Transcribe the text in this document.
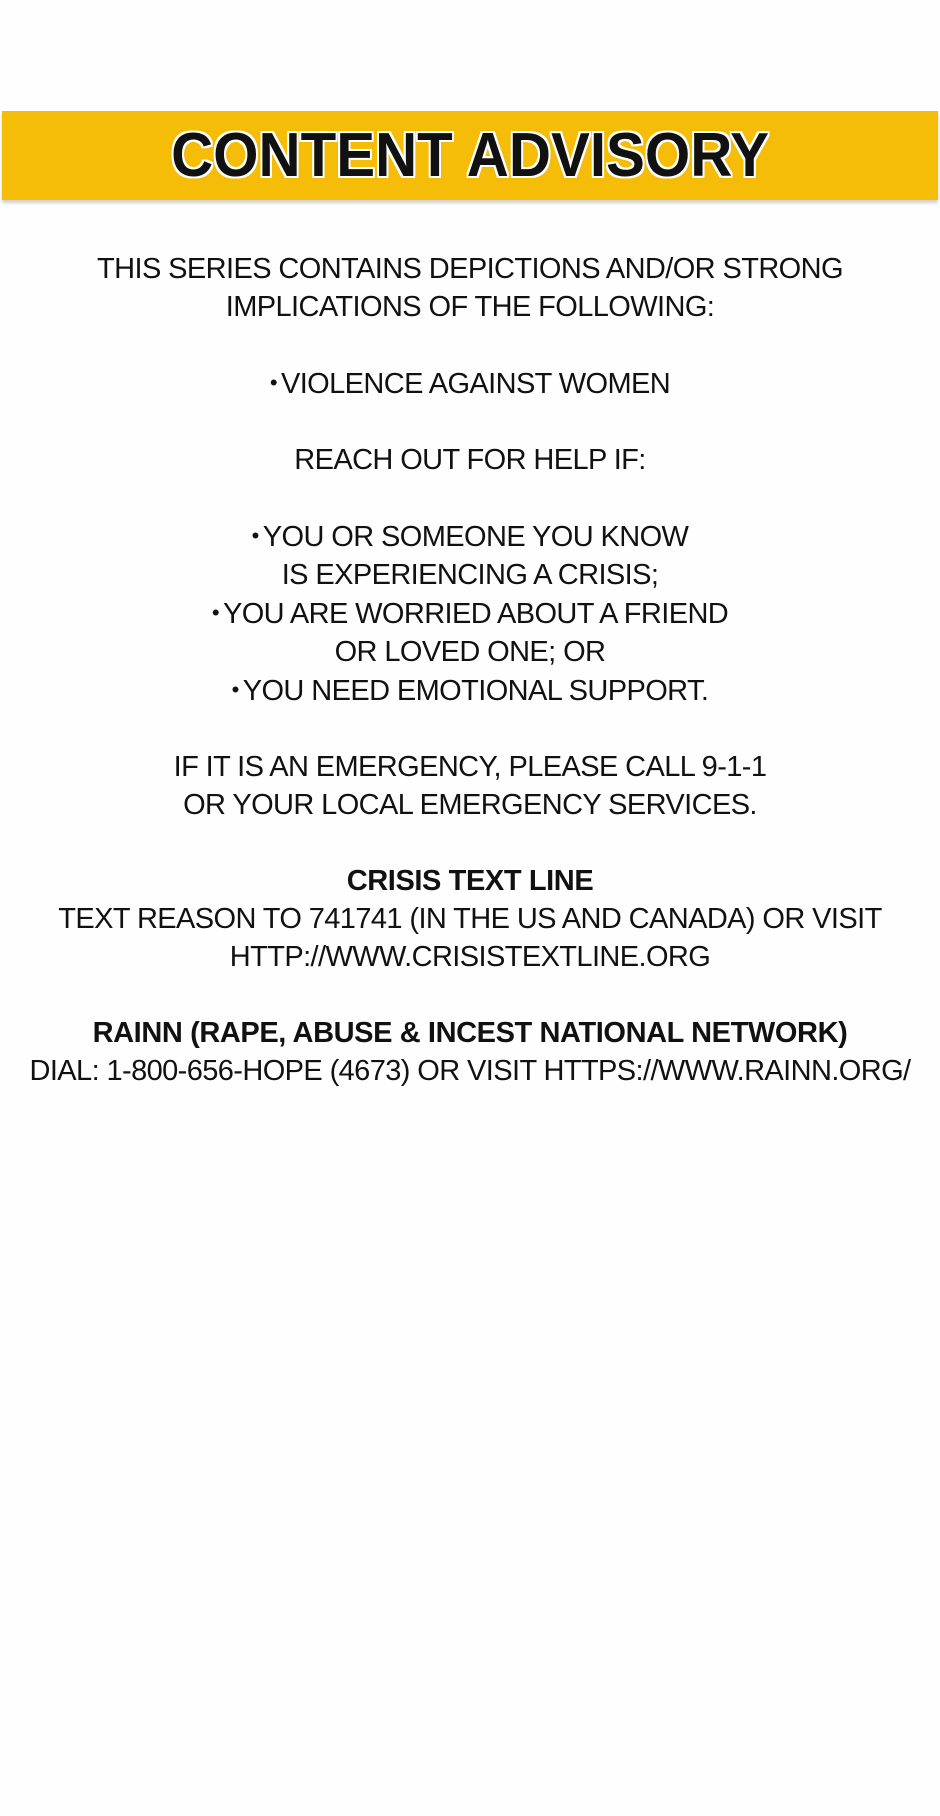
CONTENT ADVISORY
THIS SERIES CONTAINS DEPICTIONS AND/OR STRONG
IMPLICATIONS OF THE FOLLOWING:
• VIOLENCE AGAINST WOMEN
REACH OUT FOR HELP IF:
• YOU OR SOMEONE YOU KNOW
IS EXPERIENCING A CRISIS;
• YOU ARE WORRIED ABOUT A FRIEND
OR LOVED ONE; OR
• YOU NEED EMOTIONAL SUPPORT.
IF IT IS AN EMERGENCY, PLEASE CALL 9-1-1
OR YOUR LOCAL EMERGENCY SERVICES.
CRISIS TEXT LINE
TEXT REASON TO 741741 (IN THE US AND CANADA) OR VISIT
HTTP://WWW.CRISISTEXTLINE.ORG
RAINN (RAPE, ABUSE & INCEST NATIONAL NETWORK)
DIAL: 1-800-656-HOPE (4673) OR VISIT HTTPS://WWW.RAINN.ORG/
